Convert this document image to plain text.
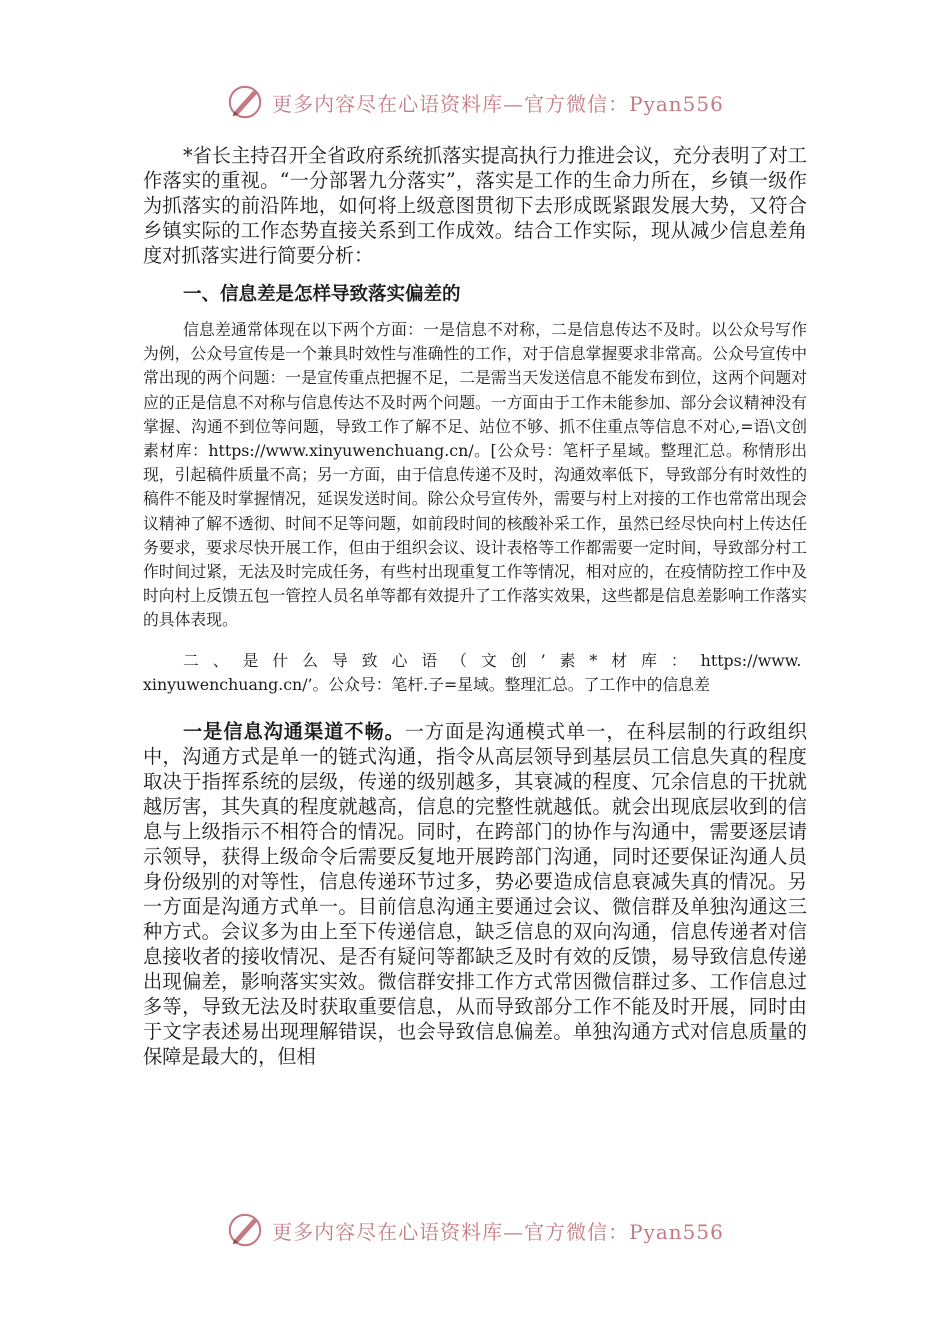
更多内容尽在心语资料库—官方微信：Pyan556

*省长主持召开全省政府系统抓落实提高执行力推进会议，充分表明了对工作落实的重视。“一分部署九分落实”，落实是工作的生命力所在，乡镇一级作为抓落实的前沿阵地，如何将上级意图贯彻下去形成既紧跟发展大势，又符合乡镇实际的工作态势直接关系到工作成效。结合工作实际，现从减少信息差角度对抓落实进行简要分析：

一、信息差是怎样导致落实偏差的

信息差通常体现在以下两个方面：一是信息不对称，二是信息传达不及时。以公众号写作为例，公众号宣传是一个兼具时效性与准确性的工作，对于信息掌握要求非常高。公众号宣传中常出现的两个问题：一是宣传重点把握不足，二是需当天发送信息不能发布到位，这两个问题对应的正是信息不对称与信息传达不及时两个问题。一方面由于工作未能参加、部分会议精神没有掌握、沟通不到位等问题，导致工作了解不足、站位不够、抓不住重点等信息不对心,=语\文创素材库：https://www.xinyuwenchuang.cn/。[公众号：笔杆子星域。整理汇总。称情形出现，引起稿件质量不高；另一方面，由于信息传递不及时，沟通效率低下，导致部分有时效性的稿件不能及时掌握情况，延误发送时间。除公众号宣传外，需要与村上对接的工作也常常出现会议精神了解不透彻、时间不足等问题，如前段时间的核酸补采工作，虽然已经尽快向村上传达任务要求，要求尽快开展工作，但由于组织会议、设计表格等工作都需要一定时间，导致部分村工作时间过紧，无法及时完成任务，有些村出现重复工作等情况，相对应的，在疫情防控工作中及时向村上反馈五包一管控人员名单等都有效提升了工作落实效果，这些都是信息差影响工作落实的具体表现。

二、是什么导致心语（文创’素*材库：https://www.xinyuwenchuang.cn/’。公众号：笔杆.子=星域。整理汇总。了工作中的信息差

一是信息沟通渠道不畅。一方面是沟通模式单一，在科层制的行政组织中，沟通方式是单一的链式沟通，指令从高层领导到基层员工信息失真的程度取决于指挥系统的层级，传递的级别越多，其衰减的程度、冗余信息的干扰就越厉害，其失真的程度就越高，信息的完整性就越低。就会出现底层收到的信息与上级指示不相符合的情况。同时，在跨部门的协作与沟通中，需要逐层请示领导，获得上级命令后需要反复地开展跨部门沟通，同时还要保证沟通人员身份级别的对等性，信息传递环节过多，势必要造成信息衰减失真的情况。另一方面是沟通方式单一。目前信息沟通主要通过会议、微信群及单独沟通这三种方式。会议多为由上至下传递信息，缺乏信息的双向沟通，信息传递者对信息接收者的接收情况、是否有疑问等都缺乏及时有效的反馈，易导致信息传递出现偏差，影响落实实效。微信群安排工作方式常因微信群过多、工作信息过多等，导致无法及时获取重要信息，从而导致部分工作不能及时开展，同时由于文字表述易出现理解错误，也会导致信息偏差。单独沟通方式对信息质量的保障是最大的，但相

更多内容尽在心语资料库—官方微信：Pyan556
